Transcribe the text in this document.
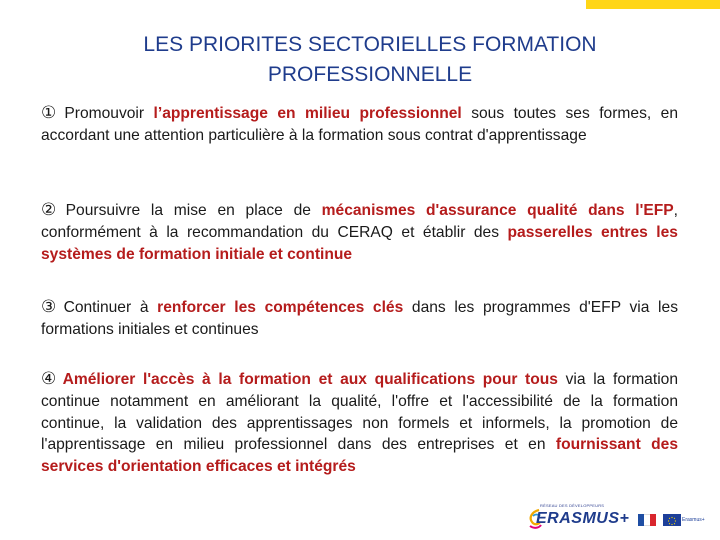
LES PRIORITES SECTORIELLES FORMATION
PROFESSIONNELLE
① Promouvoir l’apprentissage en milieu professionnel sous toutes ses formes, en accordant une attention particulière à la formation sous contrat d'apprentissage
② Poursuivre la mise en place de mécanismes d'assurance qualité dans l'EFP, conformément à la recommandation du CERAQ et établir des passerelles entres les systèmes de formation initiale et continue
③ Continuer à renforcer les compétences clés dans les programmes d'EFP via les formations initiales et continues
④ Améliorer l'accès à la formation et aux qualifications pour tous via la formation continue notamment en améliorant la qualité, l'offre et l'accessibilité de la formation continue, la validation des apprentissages non formels et informels, la promotion de l'apprentissage en milieu professionnel dans des entreprises et en fournissant des services d'orientation efficaces et intégrés
RÉSEAU DES DÉVELOPPEURS
ERASMUS+	Erasmus+
